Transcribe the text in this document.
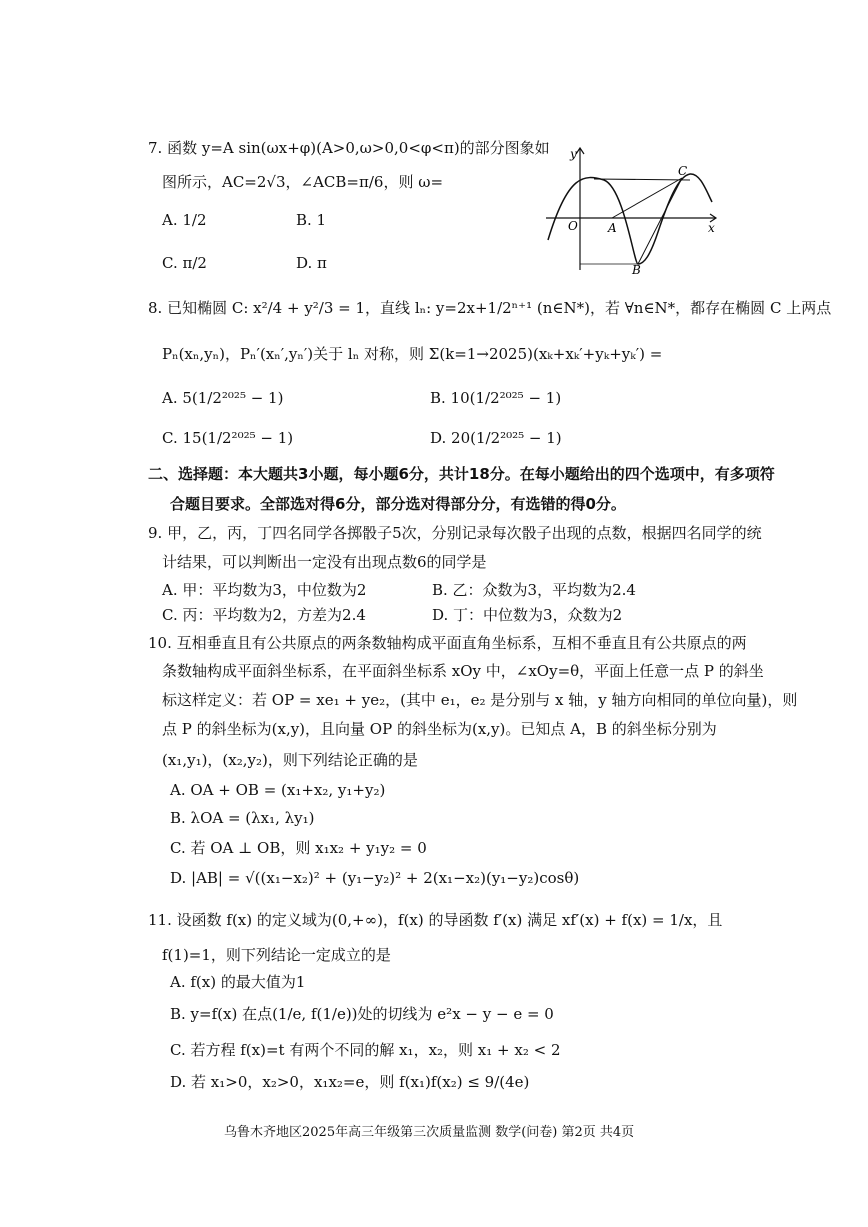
7. 函数 y=A sin(ωx+φ)(A>0,ω>0,0<φ<π)的部分图象如
图所示，AC=2√3，∠ACB=π/6，则 ω=
A. 1/2	B. 1
C. π/2	D. π
y
O	A
B
C
x
8. 已知椭圆 C: x²/4 + y²/3 = 1，直线 lₙ: y=2x+1/2ⁿ⁺¹ (n∈N*)，若 ∀n∈N*，都存在椭圆 C 上两点
Pₙ(xₙ,yₙ)，Pₙ′(xₙ′,yₙ′)关于 lₙ 对称，则 Σ(k=1→2025)(xₖ+xₖ′+yₖ+yₖ′) =
A. 5(1/2²⁰²⁵ − 1)	B. 10(1/2²⁰²⁵ − 1)
C. 15(1/2²⁰²⁵ − 1)	D. 20(1/2²⁰²⁵ − 1)
二、选择题：本大题共3小题，每小题6分，共计18分。在每小题给出的四个选项中，有多项符
合题目要求。全部选对得6分，部分选对得部分分，有选错的得0分。
9. 甲，乙，丙，丁四名同学各掷骰子5次，分别记录每次骰子出现的点数，根据四名同学的统
计结果，可以判断出一定没有出现点数6的同学是
A. 甲：平均数为3，中位数为2	B. 乙：众数为3，平均数为2.4
C. 丙：平均数为2，方差为2.4	D. 丁：中位数为3，众数为2
10. 互相垂直且有公共原点的两条数轴构成平面直角坐标系，互相不垂直且有公共原点的两
条数轴构成平面斜坐标系，在平面斜坐标系 xOy 中，∠xOy=θ，平面上任意一点 P 的斜坐
标这样定义：若 OP = xe₁ + ye₂，(其中 e₁，e₂ 是分别与 x 轴，y 轴方向相同的单位向量)，则
点 P 的斜坐标为(x,y)，且向量 OP 的斜坐标为(x,y)。已知点 A，B 的斜坐标分别为
(x₁,y₁)，(x₂,y₂)，则下列结论正确的是
A. OA + OB = (x₁+x₂, y₁+y₂)
B. λOA = (λx₁, λy₁)
C. 若 OA ⊥ OB，则 x₁x₂ + y₁y₂ = 0
D. |AB| = √((x₁−x₂)² + (y₁−y₂)² + 2(x₁−x₂)(y₁−y₂)cosθ)
11. 设函数 f(x) 的定义域为(0,+∞)，f(x) 的导函数 f′(x) 满足 xf′(x) + f(x) = 1/x，且
f(1)=1，则下列结论一定成立的是
A. f(x) 的最大值为1
B. y=f(x) 在点(1/e, f(1/e))处的切线为 e²x − y − e = 0
C. 若方程 f(x)=t 有两个不同的解 x₁，x₂，则 x₁ + x₂ < 2
D. 若 x₁>0，x₂>0，x₁x₂=e，则 f(x₁)f(x₂) ≤ 9/(4e)
乌鲁木齐地区2025年高三年级第三次质量监测 数学(问卷) 第2页 共4页
